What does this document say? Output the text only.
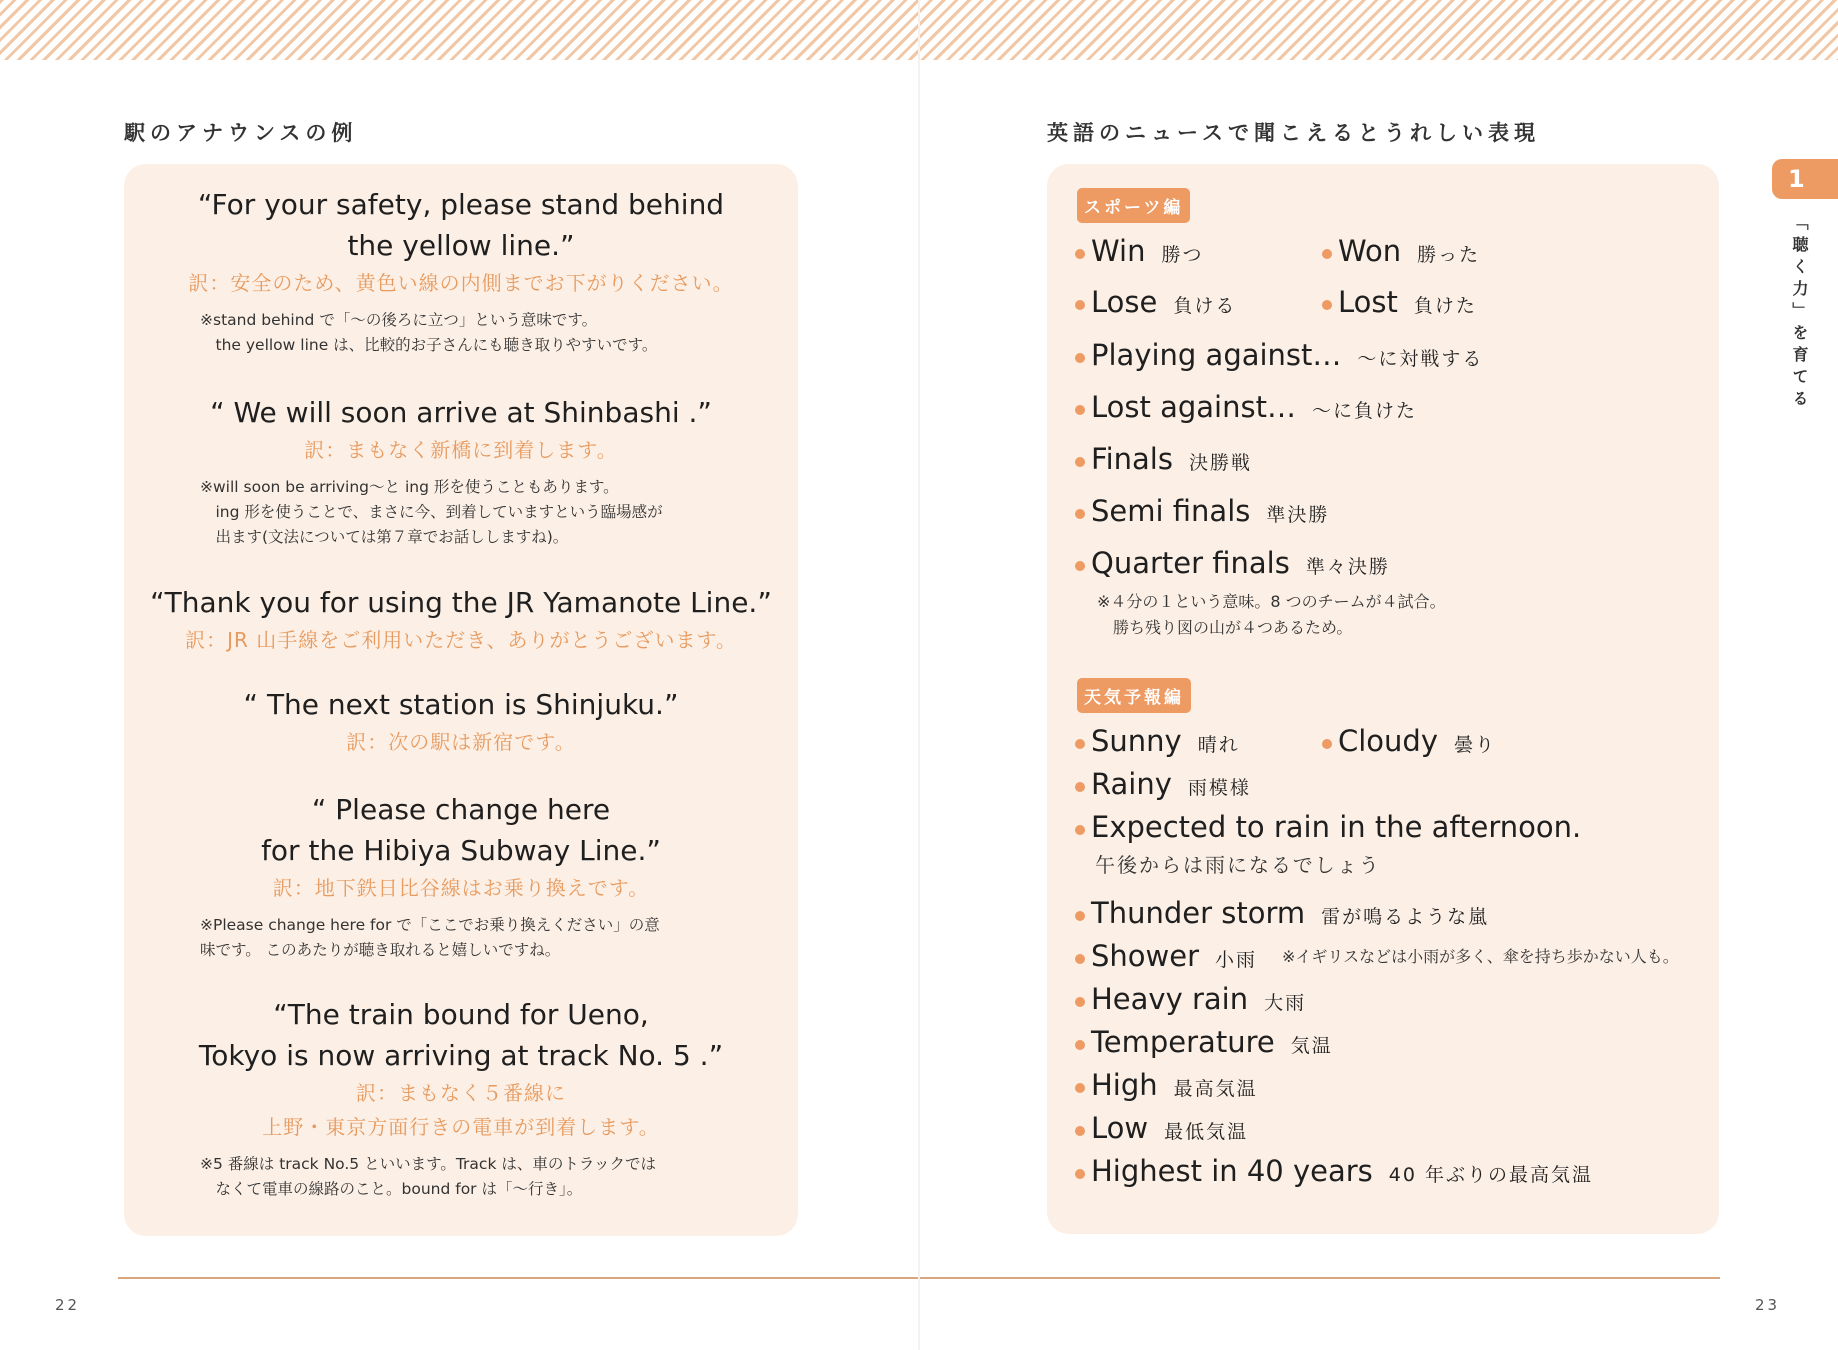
駅のアナウンスの例
“For your safety, please stand behind
the yellow line.”
訳：安全のため、黄色い線の内側までお下がりください。
※stand behind で「〜の後ろに立つ」という意味です。
　the yellow line は、比較的お子さんにも聴き取りやすいです。
“ We will soon arrive at Shinbashi .”
訳：まもなく新橋に到着します。
※will soon be arriving〜と ing 形を使うこともあります。
　ing 形を使うことで、まさに今、到着していますという臨場感が
　出ます(文法については第７章でお話ししますね)。
“Thank you for using the JR Yamanote Line.”
訳：JR 山手線をご利用いただき、ありがとうございます。
“ The next station is Shinjuku.”
訳：次の駅は新宿です。
“ Please change here
for the Hibiya Subway Line.”
訳：地下鉄日比谷線はお乗り換えです。
※Please change here for で「ここでお乗り換えください」の意
味です。 このあたりが聴き取れると嬉しいですね。
“The train bound for Ueno,
Tokyo is now arriving at track No. 5 .”
訳：まもなく５番線に
上野・東京方面行きの電車が到着します。
※5 番線は track No.5 といいます。Track は、車のトラックでは
　なくて電車の線路のこと。bound for は「〜行き」。
英語のニュースで聞こえるとうれしい表現
スポーツ編
Win 勝つ	Won 勝った
Lose 負ける	Lost 負けた
Playing against… 〜に対戦する
Lost against… 〜に負けた
Finals 決勝戦
Semi finals 準決勝
Quarter finals 準々決勝
※４分の１という意味。8 つのチームが４試合。
　勝ち残り図の山が４つあるため。
天気予報編
Sunny 晴れ	Cloudy 曇り
Rainy 雨模様
Expected to rain in the afternoon.
Thunder storm 雷が鳴るような嵐
Shower 小雨
Heavy rain 大雨
Temperature 気温
High 最高気温
Low 最低気温
Highest in 40 years 40 年ぶりの最高気温
午後からは雨になるでしょう
※イギリスなどは小雨が多く、傘を持ち歩かない人も。
1
「聴く力」を育てる
22	23
